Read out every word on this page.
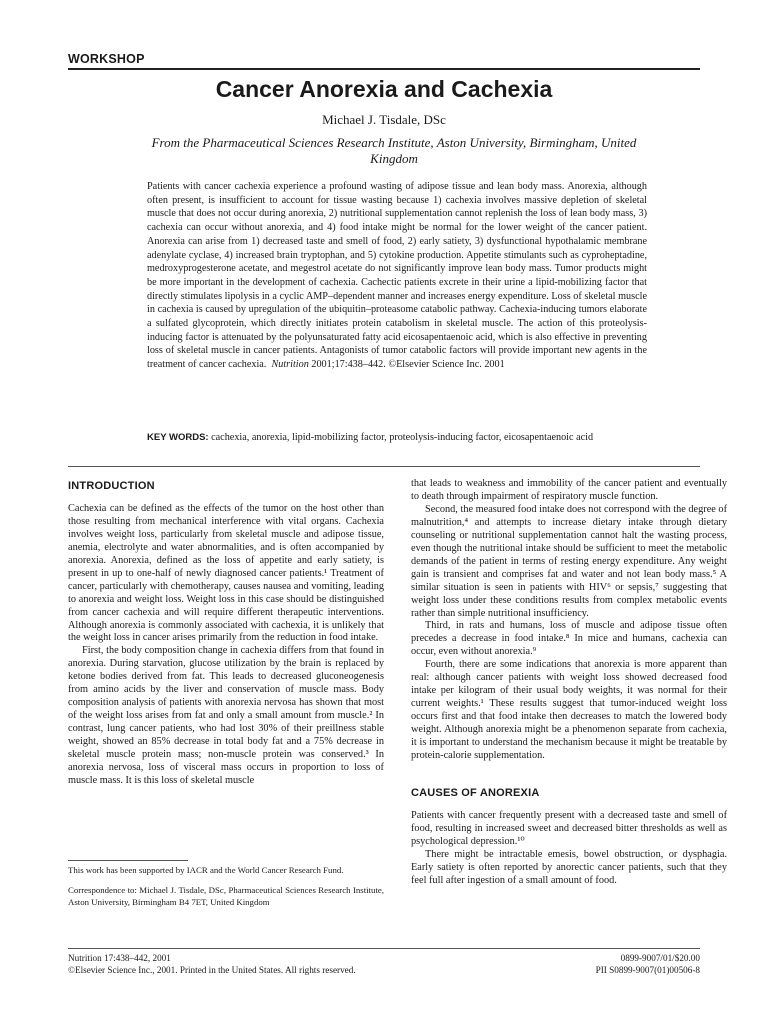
WORKSHOP
Cancer Anorexia and Cachexia
Michael J. Tisdale, DSc
From the Pharmaceutical Sciences Research Institute, Aston University, Birmingham, United Kingdom
Patients with cancer cachexia experience a profound wasting of adipose tissue and lean body mass. Anorexia, although often present, is insufficient to account for tissue wasting because 1) cachexia involves massive depletion of skeletal muscle that does not occur during anorexia, 2) nutritional supplementation cannot replenish the loss of lean body mass, 3) cachexia can occur without anorexia, and 4) food intake might be normal for the lower weight of the cancer patient. Anorexia can arise from 1) decreased taste and smell of food, 2) early satiety, 3) dysfunctional hypothalamic membrane adenylate cyclase, 4) increased brain tryptophan, and 5) cytokine production. Appetite stimulants such as cyproheptadine, medroxyprogesterone acetate, and megestrol acetate do not significantly improve lean body mass. Tumor products might be more important in the development of cachexia. Cachectic patients excrete in their urine a lipid-mobilizing factor that directly stimulates lipolysis in a cyclic AMP–dependent manner and increases energy expenditure. Loss of skeletal muscle in cachexia is caused by upregulation of the ubiquitin–proteasome catabolic pathway. Cachexia-inducing tumors elaborate a sulfated glycoprotein, which directly initiates protein catabolism in skeletal muscle. The action of this proteolysis-inducing factor is attenuated by the polyunsaturated fatty acid eicosapentaenoic acid, which is also effective in preventing loss of skeletal muscle in cancer patients. Antagonists of tumor catabolic factors will provide important new agents in the treatment of cancer cachexia. Nutrition 2001;17:438–442. ©Elsevier Science Inc. 2001
KEY WORDS: cachexia, anorexia, lipid-mobilizing factor, proteolysis-inducing factor, eicosapentaenoic acid
INTRODUCTION

Cachexia can be defined as the effects of the tumor on the host other than those resulting from mechanical interference with vital organs. Cachexia involves weight loss, particularly from skeletal muscle and adipose tissue, anemia, electrolyte and water abnormalities, and is often accompanied by anorexia. Anorexia, defined as the loss of appetite and early satiety, is present in up to one-half of newly diagnosed cancer patients.¹ Treatment of cancer, particularly with chemotherapy, causes nausea and vomiting, leading to anorexia and weight loss. Weight loss in this case should be distinguished from cancer cachexia and will require different therapeutic interventions. Although anorexia is commonly associated with cachexia, it is unlikely that the weight loss in cancer arises primarily from the reduction in food intake.

First, the body composition change in cachexia differs from that found in anorexia. During starvation, glucose utilization by the brain is replaced by ketone bodies derived from fat. This leads to decreased gluconeogenesis from amino acids by the liver and conservation of muscle mass. Body composition analysis of patients with anorexia nervosa has shown that most of the weight loss arises from fat and only a small amount from muscle.² In contrast, lung cancer patients, who had lost 30% of their preillness stable weight, showed an 85% decrease in total body fat and a 75% decrease in skeletal muscle protein mass; non-muscle protein was conserved.³ In anorexia nervosa, loss of visceral mass occurs in proportion to loss of muscle mass. It is this loss of skeletal muscle

that leads to weakness and immobility of the cancer patient and eventually to death through impairment of respiratory muscle function.

Second, the measured food intake does not correspond with the degree of malnutrition,⁴ and attempts to increase dietary intake through dietary counseling or nutritional supplementation cannot halt the wasting process, even though the nutritional intake should be sufficient to meet the metabolic demands of the patient in terms of resting energy expenditure. Any weight gain is transient and comprises fat and water and not lean body mass.⁵ A similar situation is seen in patients with HIV⁶ or sepsis,⁷ suggesting that weight loss under these conditions results from complex metabolic events rather than simple nutritional insufficiency.

Third, in rats and humans, loss of muscle and adipose tissue often precedes a decrease in food intake.⁸ In mice and humans, cachexia can occur, even without anorexia.⁹

Fourth, there are some indications that anorexia is more apparent than real: although cancer patients with weight loss showed decreased food intake per kilogram of their usual body weights, it was normal for their current weights.¹ These results suggest that tumor-induced weight loss occurs first and that food intake then decreases to match the lowered body weight. Although anorexia might be a phenomenon separate from cachexia, it is important to understand the mechanism because it might be treatable by protein-calorie supplementation.

CAUSES OF ANOREXIA

Patients with cancer frequently present with a decreased taste and smell of food, resulting in increased sweet and decreased bitter thresholds as well as psychological depression.¹⁰

There might be intractable emesis, bowel obstruction, or dysphagia. Early satiety is often reported by anorectic cancer patients, such that they feel full after ingestion of a small amount of food.

This work has been supported by IACR and the World Cancer Research Fund.

Correspondence to: Michael J. Tisdale, DSc, Pharmaceutical Sciences Research Institute, Aston University, Birmingham B4 7ET, United Kingdom

Nutrition 17:438–442, 2001
©Elsevier Science Inc., 2001. Printed in the United States. All rights reserved.
0899-9007/01/$20.00
PII S0899-9007(01)00506-8
